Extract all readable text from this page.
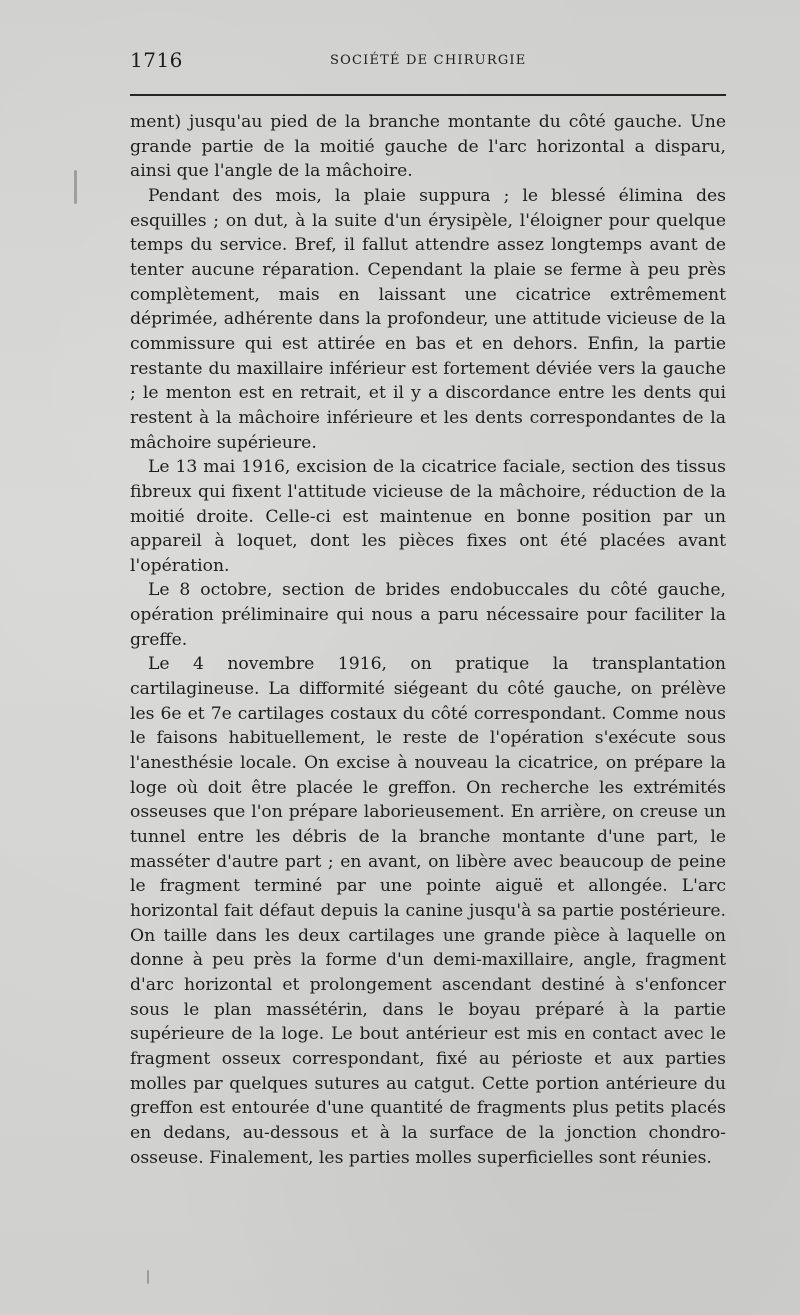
1716	SOCIÉTÉ DE CHIRURGIE

ment) jusqu'au pied de la branche montante du côté gauche. Une grande partie de la moitié gauche de l'arc horizontal a disparu, ainsi que l'angle de la mâchoire.

Pendant des mois, la plaie suppura ; le blessé élimina des esquilles ; on dut, à la suite d'un érysipèle, l'éloigner pour quelque temps du service. Bref, il fallut attendre assez longtemps avant de tenter aucune réparation. Cependant la plaie se ferme à peu près complètement, mais en laissant une cicatrice extrêmement déprimée, adhérente dans la profondeur, une attitude vicieuse de la commissure qui est attirée en bas et en dehors. Enfin, la partie restante du maxillaire inférieur est fortement déviée vers la gauche ; le menton est en retrait, et il y a discordance entre les dents qui restent à la mâchoire inférieure et les dents correspondantes de la mâchoire supérieure.

Le 13 mai 1916, excision de la cicatrice faciale, section des tissus fibreux qui fixent l'attitude vicieuse de la mâchoire, réduction de la moitié droite. Celle-ci est maintenue en bonne position par un appareil à loquet, dont les pièces fixes ont été placées avant l'opération.

Le 8 octobre, section de brides endobuccales du côté gauche, opération préliminaire qui nous a paru nécessaire pour faciliter la greffe.

Le 4 novembre 1916, on pratique la transplantation cartilagineuse. La difformité siégeant du côté gauche, on prélève les 6e et 7e cartilages costaux du côté correspondant. Comme nous le faisons habituellement, le reste de l'opération s'exécute sous l'anesthésie locale. On excise à nouveau la cicatrice, on prépare la loge où doit être placée le greffon. On recherche les extrémités osseuses que l'on prépare laborieusement. En arrière, on creuse un tunnel entre les débris de la branche montante d'une part, le masséter d'autre part ; en avant, on libère avec beaucoup de peine le fragment terminé par une pointe aiguë et allongée. L'arc horizontal fait défaut depuis la canine jusqu'à sa partie postérieure. On taille dans les deux cartilages une grande pièce à laquelle on donne à peu près la forme d'un demi-maxillaire, angle, fragment d'arc horizontal et prolongement ascendant destiné à s'enfoncer sous le plan massétérin, dans le boyau préparé à la partie supérieure de la loge. Le bout antérieur est mis en contact avec le fragment osseux correspondant, fixé au périoste et aux parties molles par quelques sutures au catgut. Cette portion antérieure du greffon est entourée d'une quantité de fragments plus petits placés en dedans, au-dessous et à la surface de la jonction chondro-osseuse. Finalement, les parties molles superficielles sont réunies.
